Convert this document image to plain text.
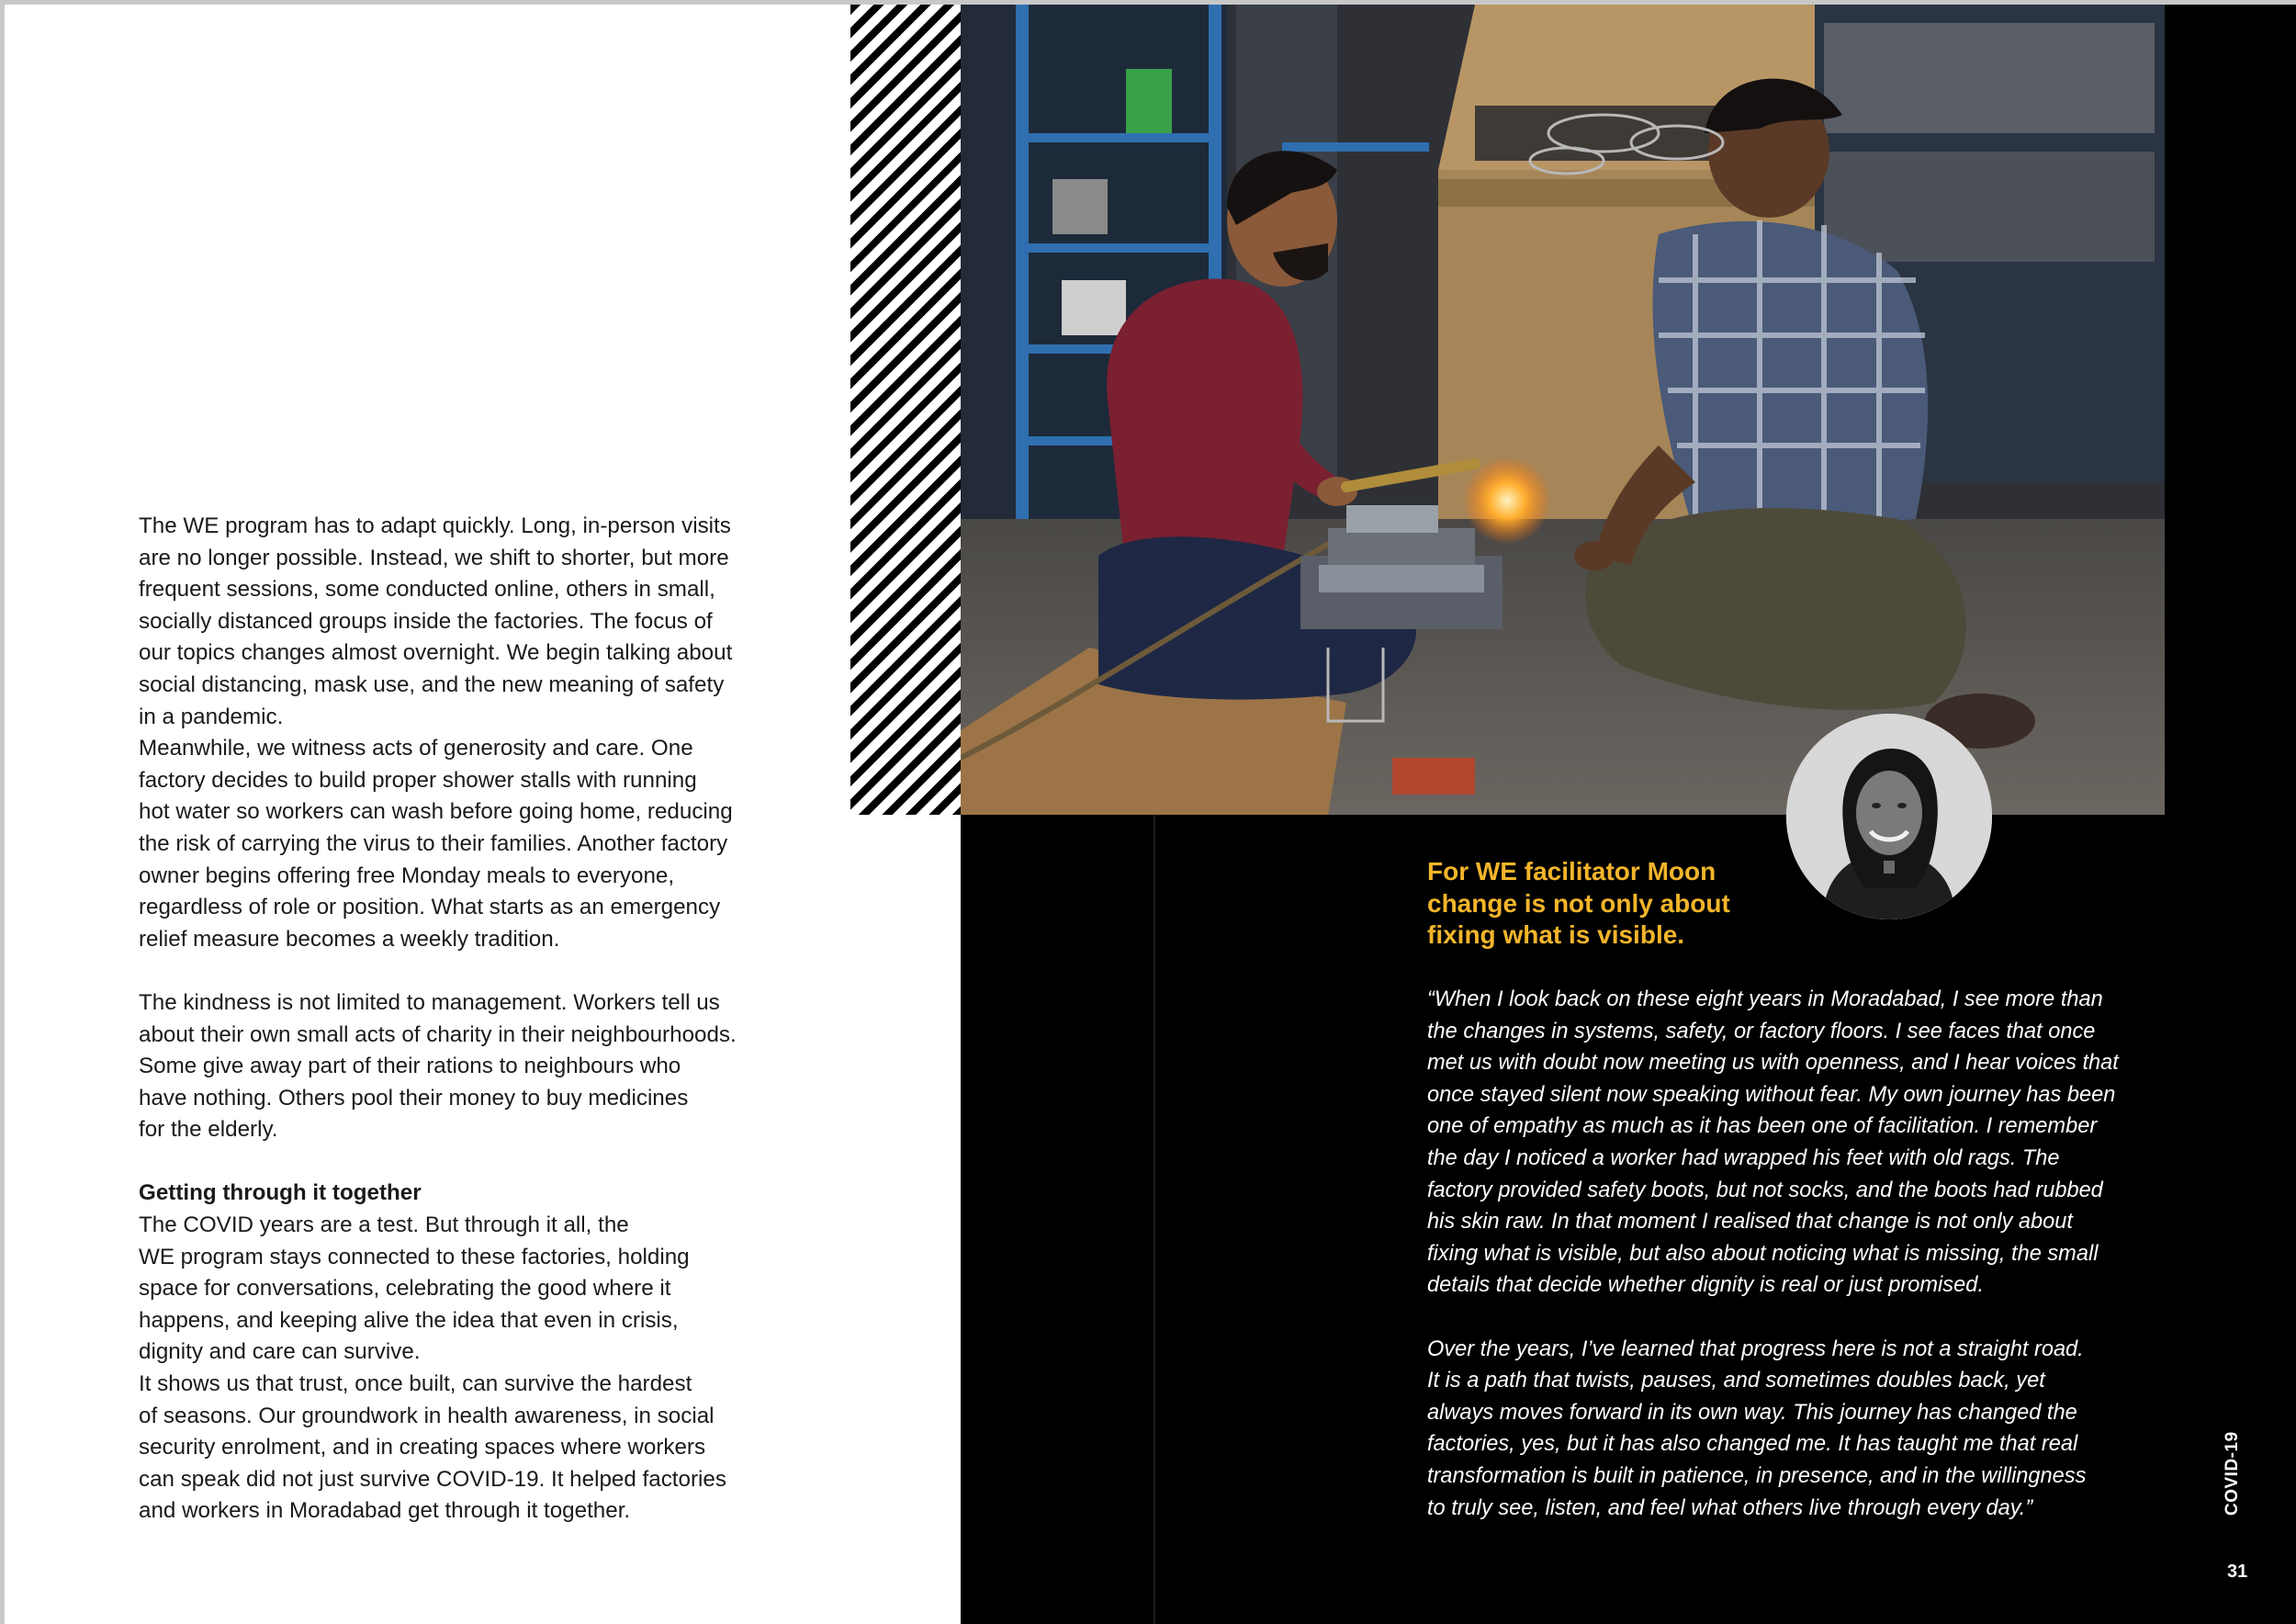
The WE program has to adapt quickly. Long, in-person visits

are no longer possible. Instead, we shift to shorter, but more

frequent sessions, some conducted online, others in small,

socially distanced groups inside the factories. The focus of

our topics changes almost overnight. We begin talking about

social distancing, mask use, and the new meaning of safety

in a pandemic.

Meanwhile, we witness acts of generosity and care. One

factory decides to build proper shower stalls with running

hot water so workers can wash before going home, reducing

the risk of carrying the virus to their families. Another factory

owner begins offering free Monday meals to everyone,

regardless of role or position. What starts as an emergency

relief measure becomes a weekly tradition.

The kindness is not limited to management. Workers tell us

about their own small acts of charity in their neighbourhoods.

Some give away part of their rations to neighbours who

have nothing. Others pool their money to buy medicines

for the elderly.

Getting through it together

The COVID years are a test. But through it all, the

WE program stays connected to these factories, holding

space for conversations, celebrating the good where it

happens, and keeping alive the idea that even in crisis,

dignity and care can survive.

It shows us that trust, once built, can survive the hardest

of seasons. Our groundwork in health awareness, in social

security enrolment, and in creating spaces where workers

can speak did not just survive COVID-19. It helped factories

and workers in Moradabad get through it together.

For WE facilitator Moon
change is not only about
fixing what is visible.

“When I look back on these eight years in Moradabad, I see more than

the changes in systems, safety, or factory floors. I see faces that once

met us with doubt now meeting us with openness, and I hear voices that

once stayed silent now speaking without fear. My own journey has been

one of empathy as much as it has been one of facilitation. I remember

the day I noticed a worker had wrapped his feet with old rags. The

factory provided safety boots, but not socks, and the boots had rubbed

his skin raw. In that moment I realised that change is not only about

fixing what is visible, but also about noticing what is missing, the small

details that decide whether dignity is real or just promised.

Over the years, I’ve learned that progress here is not a straight road.

It is a path that twists, pauses, and sometimes doubles back, yet

always moves forward in its own way. This journey has changed the

factories, yes, but it has also changed me. It has taught me that real

transformation is built in patience, in presence, and in the willingness

to truly see, listen, and feel what others live through every day.”	COVID-19
31
